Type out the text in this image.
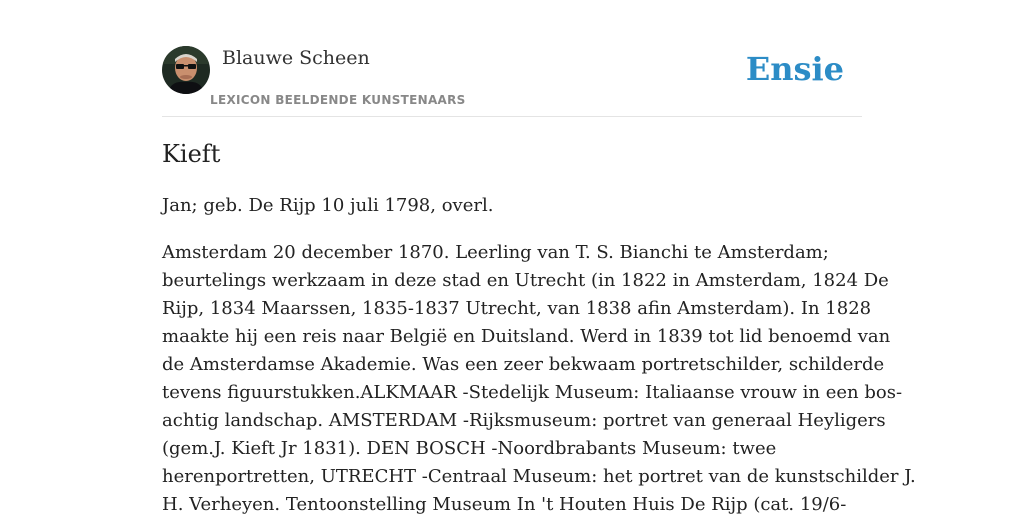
Blauwe Scheen
LEXICON BEELDENDE KUNSTENAARS
Ensie
Kieft

Jan; geb. De Rijp 10 juli 1798, overl.

Amsterdam 20 december 1870. Leerling van T. S. Bianchi te Amsterdam;
beurtelings werkzaam in deze stad en Utrecht (in 1822 in Amsterdam, 1824 De
Rijp, 1834 Maarssen, 1835-1837 Utrecht, van 1838 afin Amsterdam). In 1828
maakte hij een reis naar België en Duitsland. Werd in 1839 tot lid benoemd van
de Amsterdamse Akademie. Was een zeer bekwaam portretschilder, schilderde
tevens figuurstukken.ALKMAAR -Stedelijk Museum: Italiaanse vrouw in een bos-
achtig landschap. AMSTERDAM -Rijksmuseum: portret van generaal Heyligers
(gem.J. Kieft Jr 1831). DEN BOSCH -Noordbrabants Museum: twee
herenportretten, UTRECHT -Centraal Museum: het portret van de kunstschilder J.
H. Verheyen. Tentoonstelling Museum In 't Houten Huis De Rijp (cat. 19/6-
